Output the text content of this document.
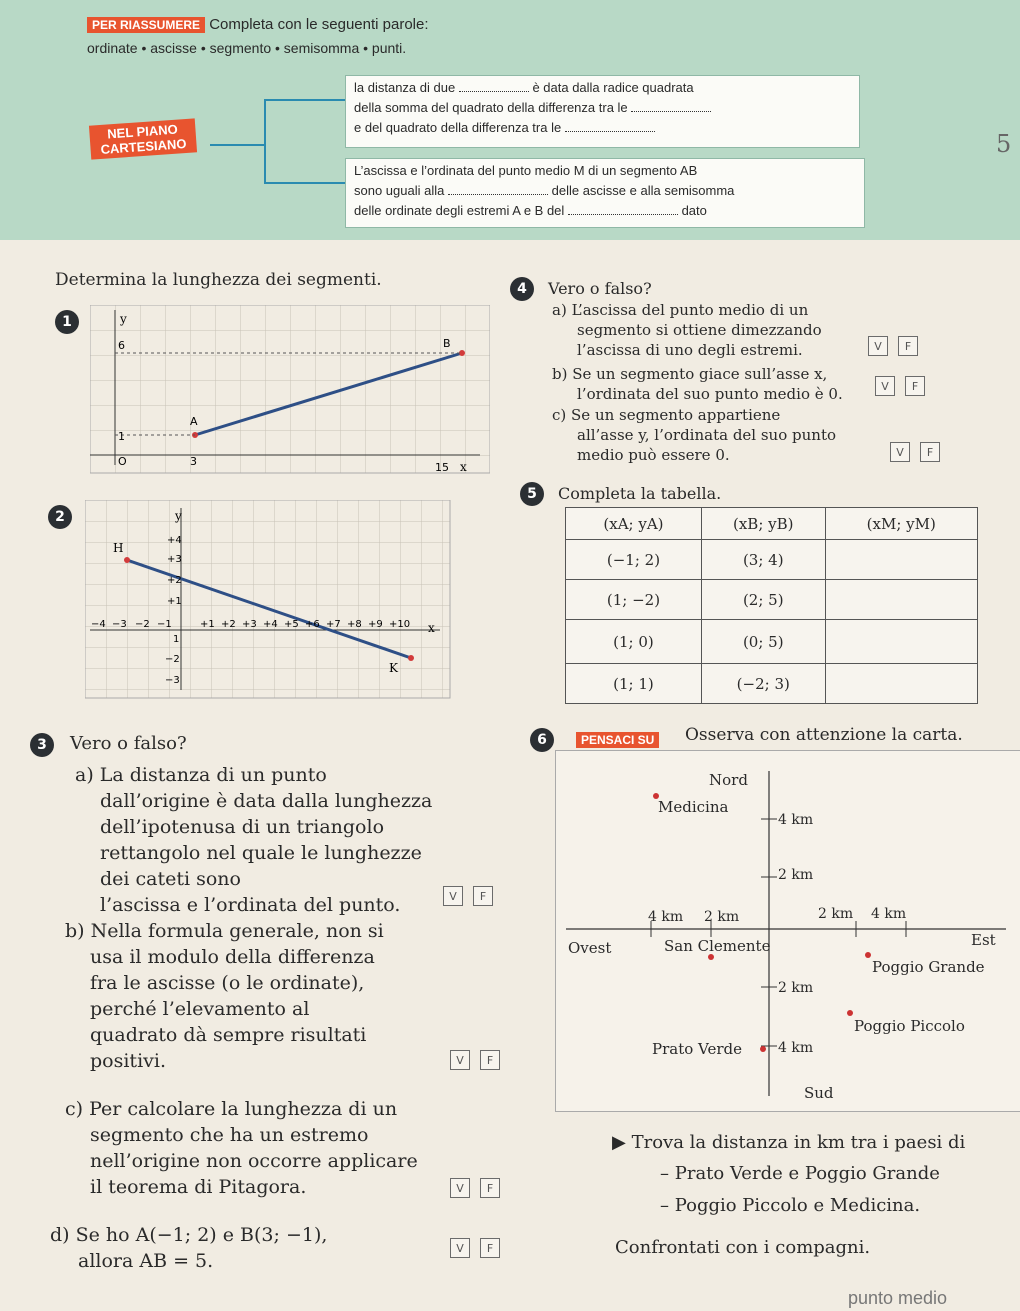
PER RIASSUMERE Completa con le seguenti parole:
ordinate • ascisse • segmento • semisomma • punti.
NEL PIANO
CARTESIANO
la distanza di due	è data dalla radice quadrata
della somma del quadrato della differenza tra le
e del quadrato della differenza tra le
L’ascissa e l’ordinata del punto medio M di un segmento AB
sono uguali alla	delle ascisse e alla semisomma
delle ordinate degli estremi A e B del	dato
5
Determina la lunghezza dei segmenti.
1	y
6
1
O	3	15 x
A
B
2	y
H
K
+4
+3
+2
+1
−2
−3
−4 −3 −2 −1
1
+1 +2 +3 +4 +5 +6 +7 +8 +9 +10 x
4	Vero o falso?
a) L’ascissa del punto medio di un
segmento si ottiene dimezzando
l’ascissa di uno degli estremi.	V	F
b) Se un segmento giace sull’asse x,
l’ordinata del suo punto medio è 0.	V	F
c) Se un segmento appartiene
all’asse y, l’ordinata del suo punto
medio può essere 0.	V	F
5	Completa la tabella.
(xA; yA)	(xB; yB)	(xM; yM)
(−1; 2)	(3; 4)	
(1; −2)	(2; 5)	
(1; 0)	(0; 5)	
(1; 1)	(−2; 3)	
3	Vero o falso?
a) La distanza di un punto
dall’origine è data dalla lunghezza
dell’ipotenusa di un triangolo
rettangolo nel quale le lunghezze
dei cateti sono
l’ascissa e l’ordinata del punto.	V	F
b) Nella formula generale, non si
usa il modulo della differenza
fra le ascisse (o le ordinate),
perché l’elevamento al
quadrato dà sempre risultati
positivi.	V	F
c) Per calcolare la lunghezza di un
segmento che ha un estremo
nell’origine non occorre applicare
il teorema di Pitagora.	V	F
d) Se ho A(−1; 2) e B(3; −1),
allora AB = 5.
V	F
6	PENSACI SU Osserva con attenzione la carta.
Nord
Sud
Ovest	Est
Medicina
San Clemente
Poggio Grande
Poggio Piccolo
Prato Verde
4 km
2 km
4 km 2 km	2 km 4 km
2 km
4 km
▶ Trova la distanza in km tra i paesi di
– Prato Verde e Poggio Grande
– Poggio Piccolo e Medicina.
Confrontati con i compagni.
punto medio
